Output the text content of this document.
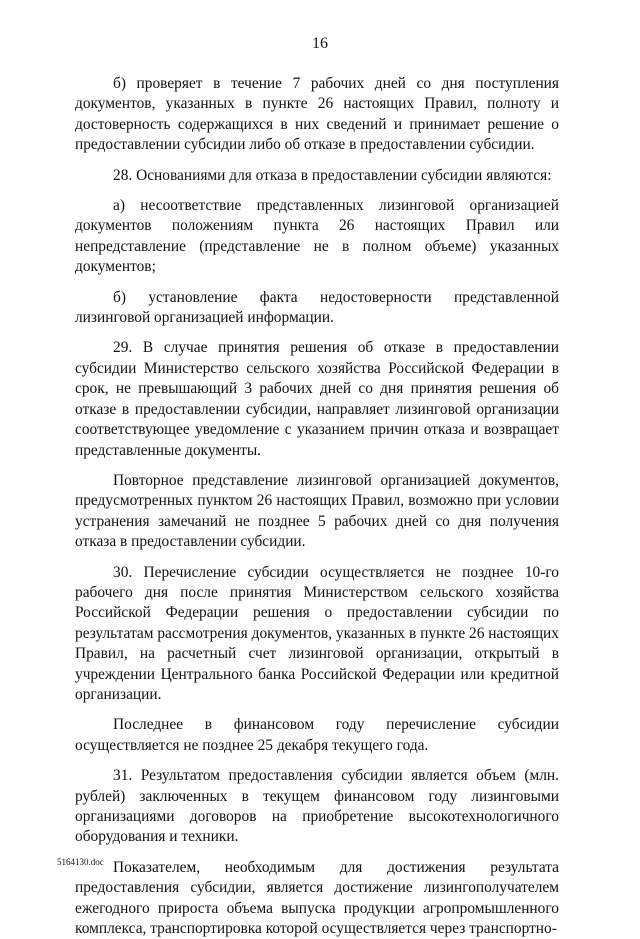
16

б) проверяет в течение 7 рабочих дней со дня поступления документов, указанных в пункте 26 настоящих Правил, полноту и достоверность содержащихся в них сведений и принимает решение о предоставлении субсидии либо об отказе в предоставлении субсидии.

28. Основаниями для отказа в предоставлении субсидии являются:

а) несоответствие представленных лизинговой организацией документов положениям пункта 26 настоящих Правил или непредставление (представление не в полном объеме) указанных документов;

б) установление факта недостоверности представленной лизинговой организацией информации.

29. В случае принятия решения об отказе в предоставлении субсидии Министерство сельского хозяйства Российской Федерации в срок, не превышающий 3 рабочих дней со дня принятия решения об отказе в предоставлении субсидии, направляет лизинговой организации соответствующее уведомление с указанием причин отказа и возвращает представленные документы.

Повторное представление лизинговой организацией документов, предусмотренных пунктом 26 настоящих Правил, возможно при условии устранения замечаний не позднее 5 рабочих дней со дня получения отказа в предоставлении субсидии.

30. Перечисление субсидии осуществляется не позднее 10-го рабочего дня после принятия Министерством сельского хозяйства Российской Федерации решения о предоставлении субсидии по результатам рассмотрения документов, указанных в пункте 26 настоящих Правил, на расчетный счет лизинговой организации, открытый в учреждении Центрального банка Российской Федерации или кредитной организации.

Последнее в финансовом году перечисление субсидии осуществляется не позднее 25 декабря текущего года.

31. Результатом предоставления субсидии является объем (млн. рублей) заключенных в текущем финансовом году лизинговыми организациями договоров на приобретение высокотехнологичного оборудования и техники.

Показателем, необходимым для достижения результата предоставления субсидии, является достижение лизингополучателем ежегодного прироста объема выпуска продукции агропромышленного комплекса, транспортировка которой осуществляется через транспортно-

5164130.doc
